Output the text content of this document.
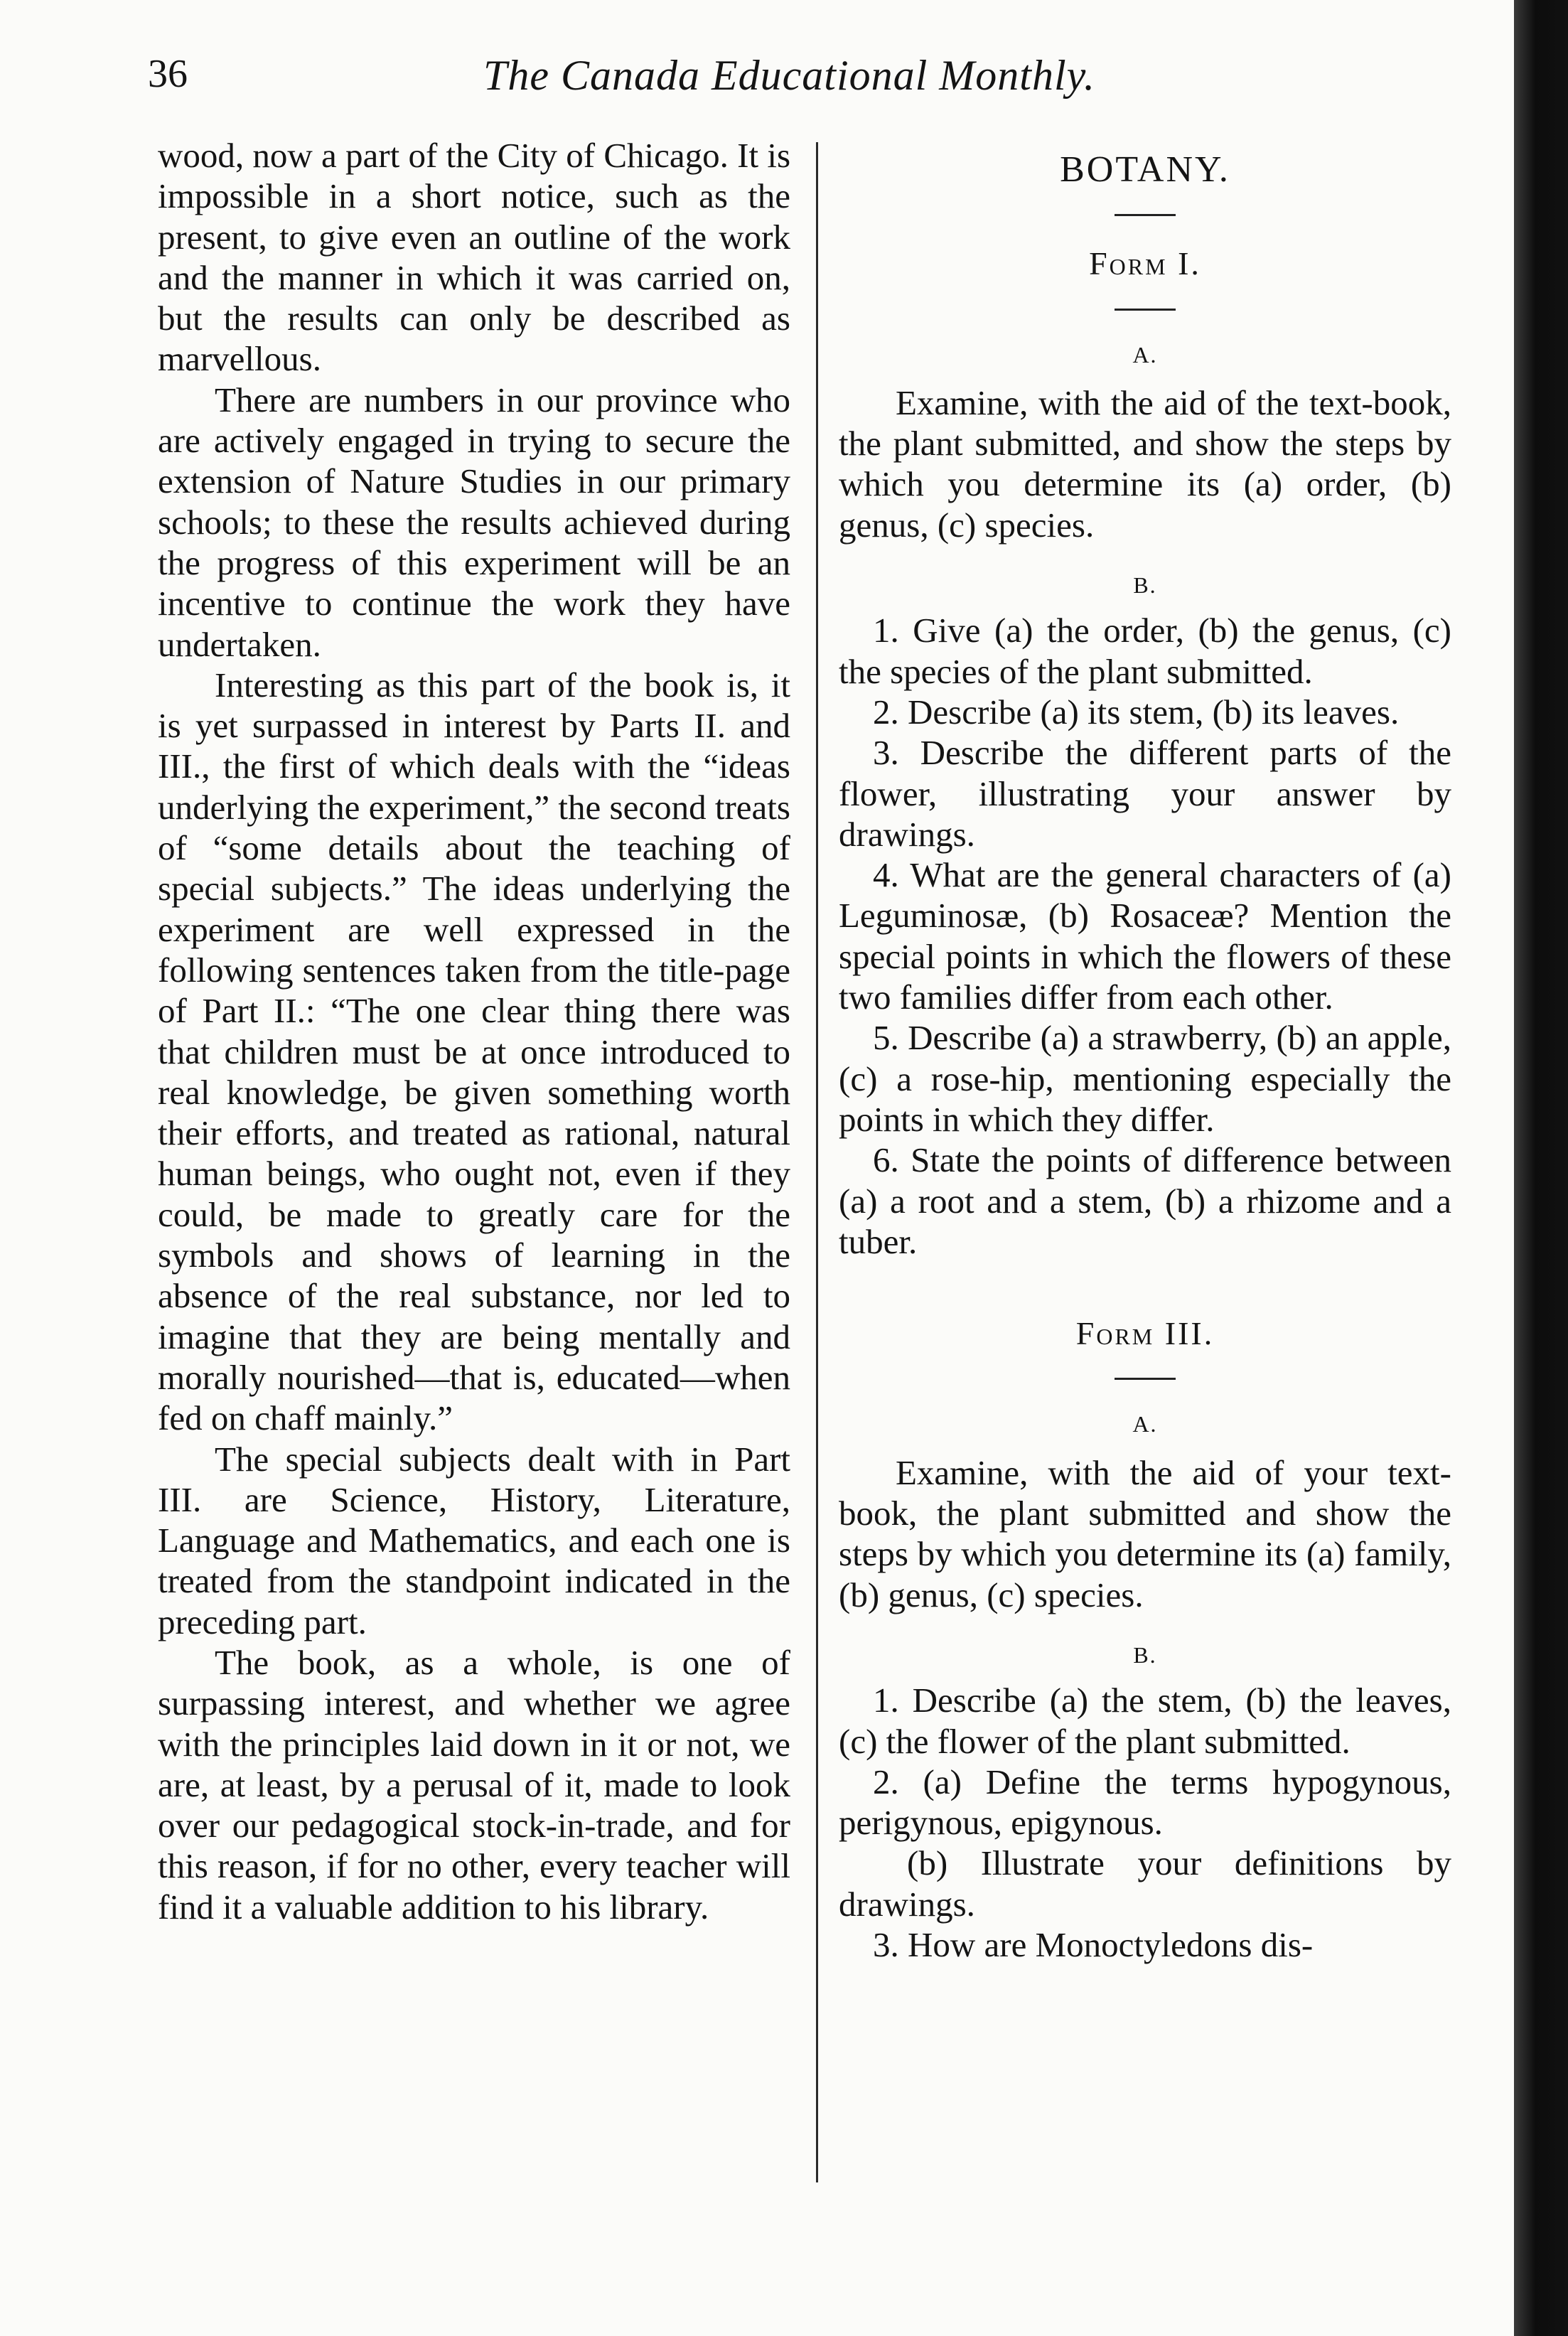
36	The Canada Educational Monthly.

wood, now a part of the City of Chicago. It is impossible in a short notice, such as the present, to give even an outline of the work and the manner in which it was carried on, but the results can only be described as marvellous.

There are numbers in our province who are actively engaged in trying to secure the extension of Nature Studies in our primary schools; to these the results achieved during the progress of this experiment will be an incentive to continue the work they have undertaken.

Interesting as this part of the book is, it is yet surpassed in interest by Parts II. and III., the first of which deals with the “ideas underlying the experiment,” the second treats of “some details about the teaching of special subjects.” The ideas underlying the experiment are well expressed in the following sentences taken from the title-page of Part II.: “The one clear thing there was that children must be at once introduced to real knowledge, be given something worth their efforts, and treated as rational, natural human beings, who ought not, even if they could, be made to greatly care for the symbols and shows of learning in the absence of the real substance, nor led to imagine that they are being mentally and morally nourished—that is, educated—when fed on chaff mainly.”

The special subjects dealt with in Part III. are Science, History, Literature, Language and Mathematics, and each one is treated from the standpoint indicated in the preceding part.

The book, as a whole, is one of surpassing interest, and whether we agree with the principles laid down in it or not, we are, at least, by a perusal of it, made to look over our pedagogical stock-in-trade, and for this reason, if for no other, every teacher will find it a valuable addition to his library.

BOTANY.

Form I.

A.

Examine, with the aid of the text-book, the plant submitted, and show the steps by which you determine its (a) order, (b) genus, (c) species.

B.

1. Give (a) the order, (b) the genus, (c) the species of the plant submitted.

2. Describe (a) its stem, (b) its leaves.

3. Describe the different parts of the flower, illustrating your answer by drawings.

4. What are the general characters of (a) Leguminosæ, (b) Rosaceæ? Mention the special points in which the flowers of these two families differ from each other.

5. Describe (a) a strawberry, (b) an apple, (c) a rose-hip, mentioning especially the points in which they differ.

6. State the points of difference between (a) a root and a stem, (b) a rhizome and a tuber.

Form III.

A.

Examine, with the aid of your text-book, the plant submitted and show the steps by which you determine its (a) family, (b) genus, (c) species.

B.

1. Describe (a) the stem, (b) the leaves, (c) the flower of the plant submitted.

2. (a) Define the terms hypogynous, perigynous, epigynous.

(b) Illustrate your definitions by drawings.

3. How are Monoctyledons dis-
